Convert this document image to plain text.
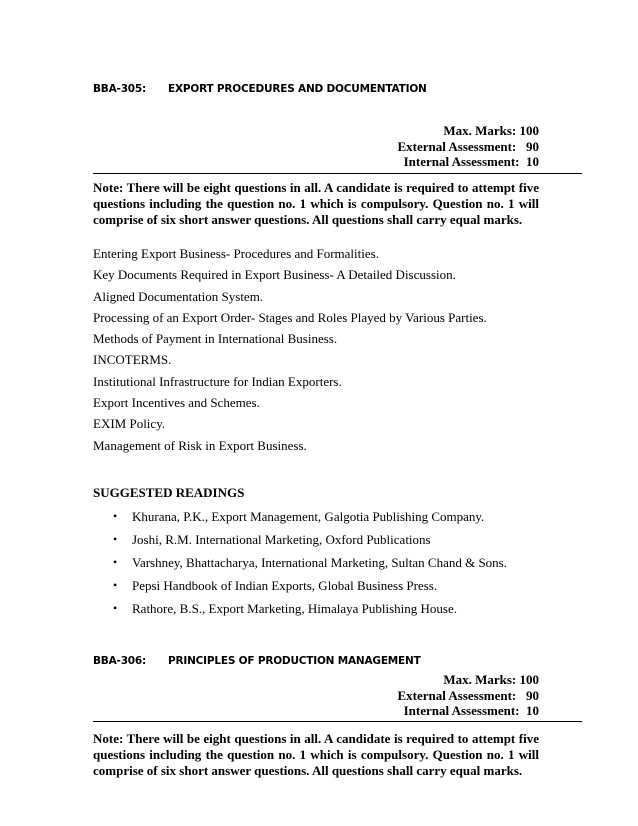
BBA-305: EXPORT PROCEDURES AND DOCUMENTATION
Max. Marks: 100
External Assessment:   90
Internal Assessment:  10
Note: There will be eight questions in all. A candidate is required to attempt five questions including the question no. 1 which is compulsory. Question no. 1 will comprise of six short answer questions. All questions shall carry equal marks.
Entering Export Business- Procedures and Formalities.
Key Documents Required in Export Business- A Detailed Discussion.
Aligned Documentation System.
Processing of an Export Order- Stages and Roles Played by Various Parties.
Methods of Payment in International Business.
INCOTERMS.
Institutional Infrastructure for Indian Exporters.
Export Incentives and Schemes.
EXIM Policy.
Management of Risk in Export Business.
SUGGESTED READINGS
• Khurana, P.K., Export Management, Galgotia Publishing Company.
• Joshi, R.M. International Marketing, Oxford Publications
• Varshney, Bhattacharya, International Marketing, Sultan Chand & Sons.
• Pepsi Handbook of Indian Exports, Global Business Press.
• Rathore, B.S., Export Marketing, Himalaya Publishing House.
BBA-306: PRINCIPLES OF PRODUCTION MANAGEMENT
Max. Marks: 100
External Assessment:   90
Internal Assessment:  10
Note: There will be eight questions in all. A candidate is required to attempt five questions including the question no. 1 which is compulsory. Question no. 1 will comprise of six short answer questions. All questions shall carry equal marks.
